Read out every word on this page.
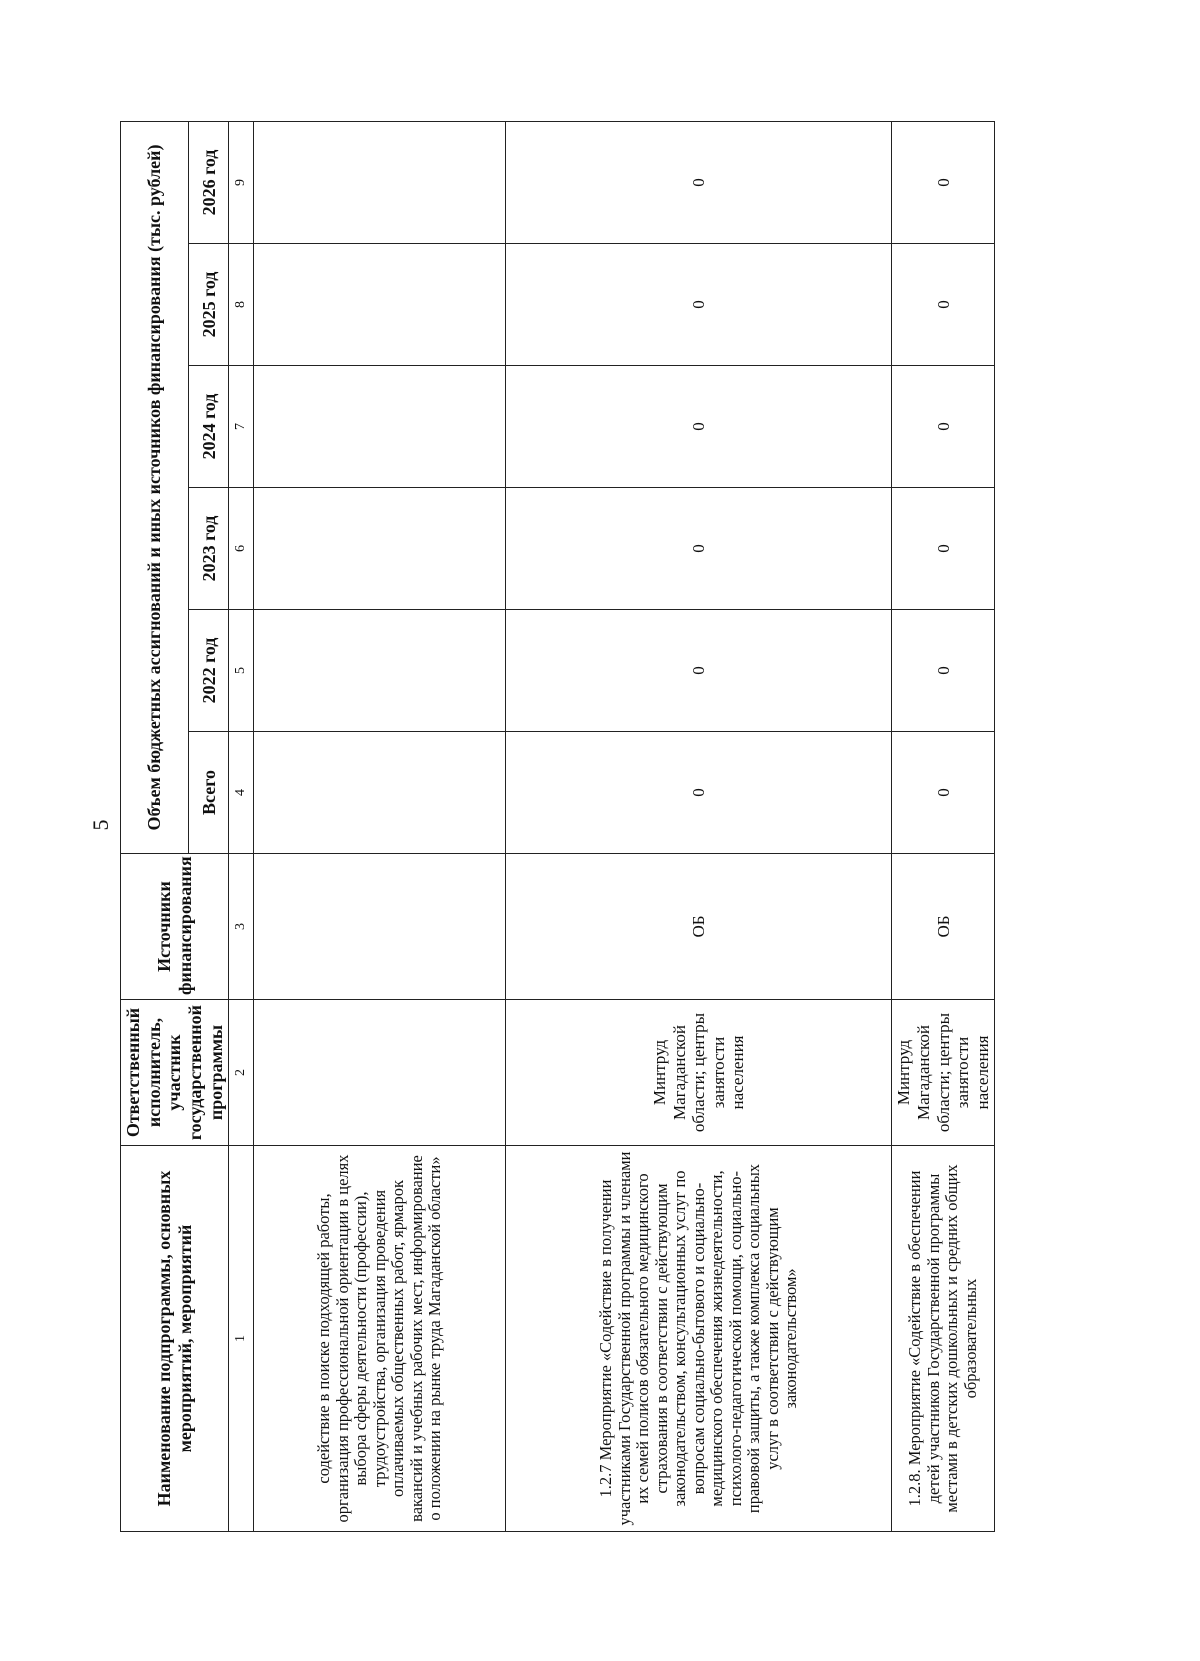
5
Наименование подпрограммы, основных мероприятий, мероприятий	Ответственный исполнитель, участник государственной программы	Источники финансирования	Объем бюджетных ассигнований и иных источников финансирования (тыс. рублей)					
			Всего	2022 год	2023 год	2024 год	2025 год	2026 год
1	2	3	4	5	6	7	8	9
содействие в поиске подходящей работы, организация профессиональной ориентации в целях выбора сферы деятельности (профессии), трудоустройства, организация проведения оплачиваемых общественных работ, ярмарок вакансий и учебных рабочих мест, информирование о положении на рынке труда Магаданской области»								
1.2.7 Мероприятие «Содействие в получении участниками Государственной программы и членами их семей полисов обязательного медицинского страхования в соответствии с действующим законодательством, консультационных услуг по вопросам социально-бытового и социально-медицинского обеспечения жизнедеятельности, психолого-педагогической помощи, социально-правовой защиты, а также комплекса социальных услуг в соответствии с действующим законодательством»	Минтруд Магаданской области; центры занятости населения	ОБ	0	0	0	0	0	0
1.2.8. Мероприятие «Содействие в обеспечении детей участников Государственной программы местами в детских дошкольных и средних общих образовательных	Минтруд Магаданской области; центры занятости населения	ОБ	0	0	0	0	0	0
